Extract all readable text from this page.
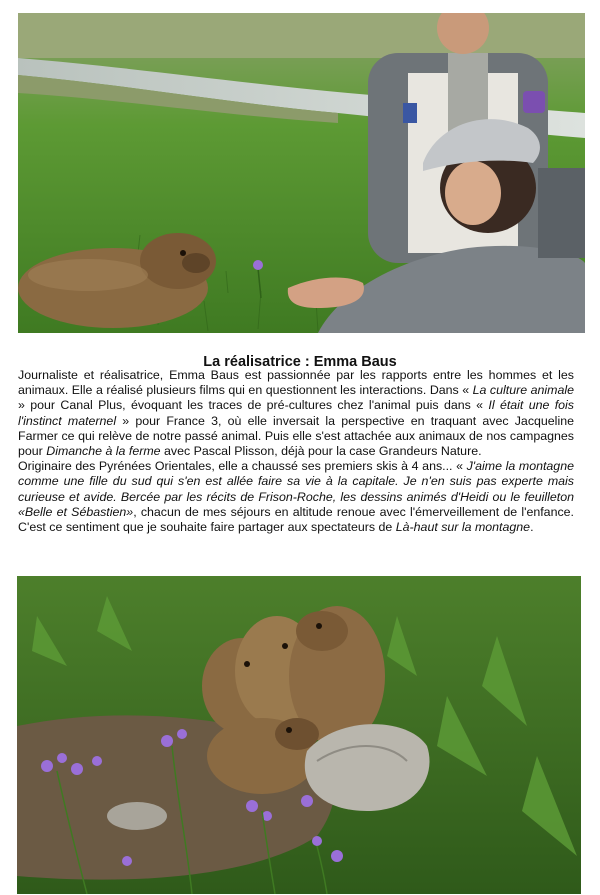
La réalisatrice : Emma Baus

Journaliste et réalisatrice, Emma Baus est passionnée par les rapports entre les hommes et les animaux. Elle a réalisé plusieurs films qui en questionnent les interactions. Dans « La culture animale » pour Canal Plus, évoquant les traces de pré-cultures chez l'animal puis dans « Il était une fois l'instinct maternel » pour France 3, où elle inversait la perspective en traquant avec Jacqueline Farmer ce qui relève de notre passé animal. Puis elle s'est attachée aux animaux de nos campagnes pour Dimanche à la ferme avec Pascal Plisson, déjà pour la case Grandeurs Nature.

Originaire des Pyrénées Orientales, elle a chaussé ses premiers skis à 4 ans... « J'aime la montagne comme une fille du sud qui s'en est allée faire sa vie à la capitale. Je n'en suis pas experte mais curieuse et avide. Bercée par les récits de Frison-Roche, les dessins animés d'Heidi ou le feuilleton «Belle et Sébastien», chacun de mes séjours en altitude renoue avec l'émerveillement de l'enfance. C'est ce sentiment que je souhaite faire partager aux spectateurs de Là-haut sur la montagne.
